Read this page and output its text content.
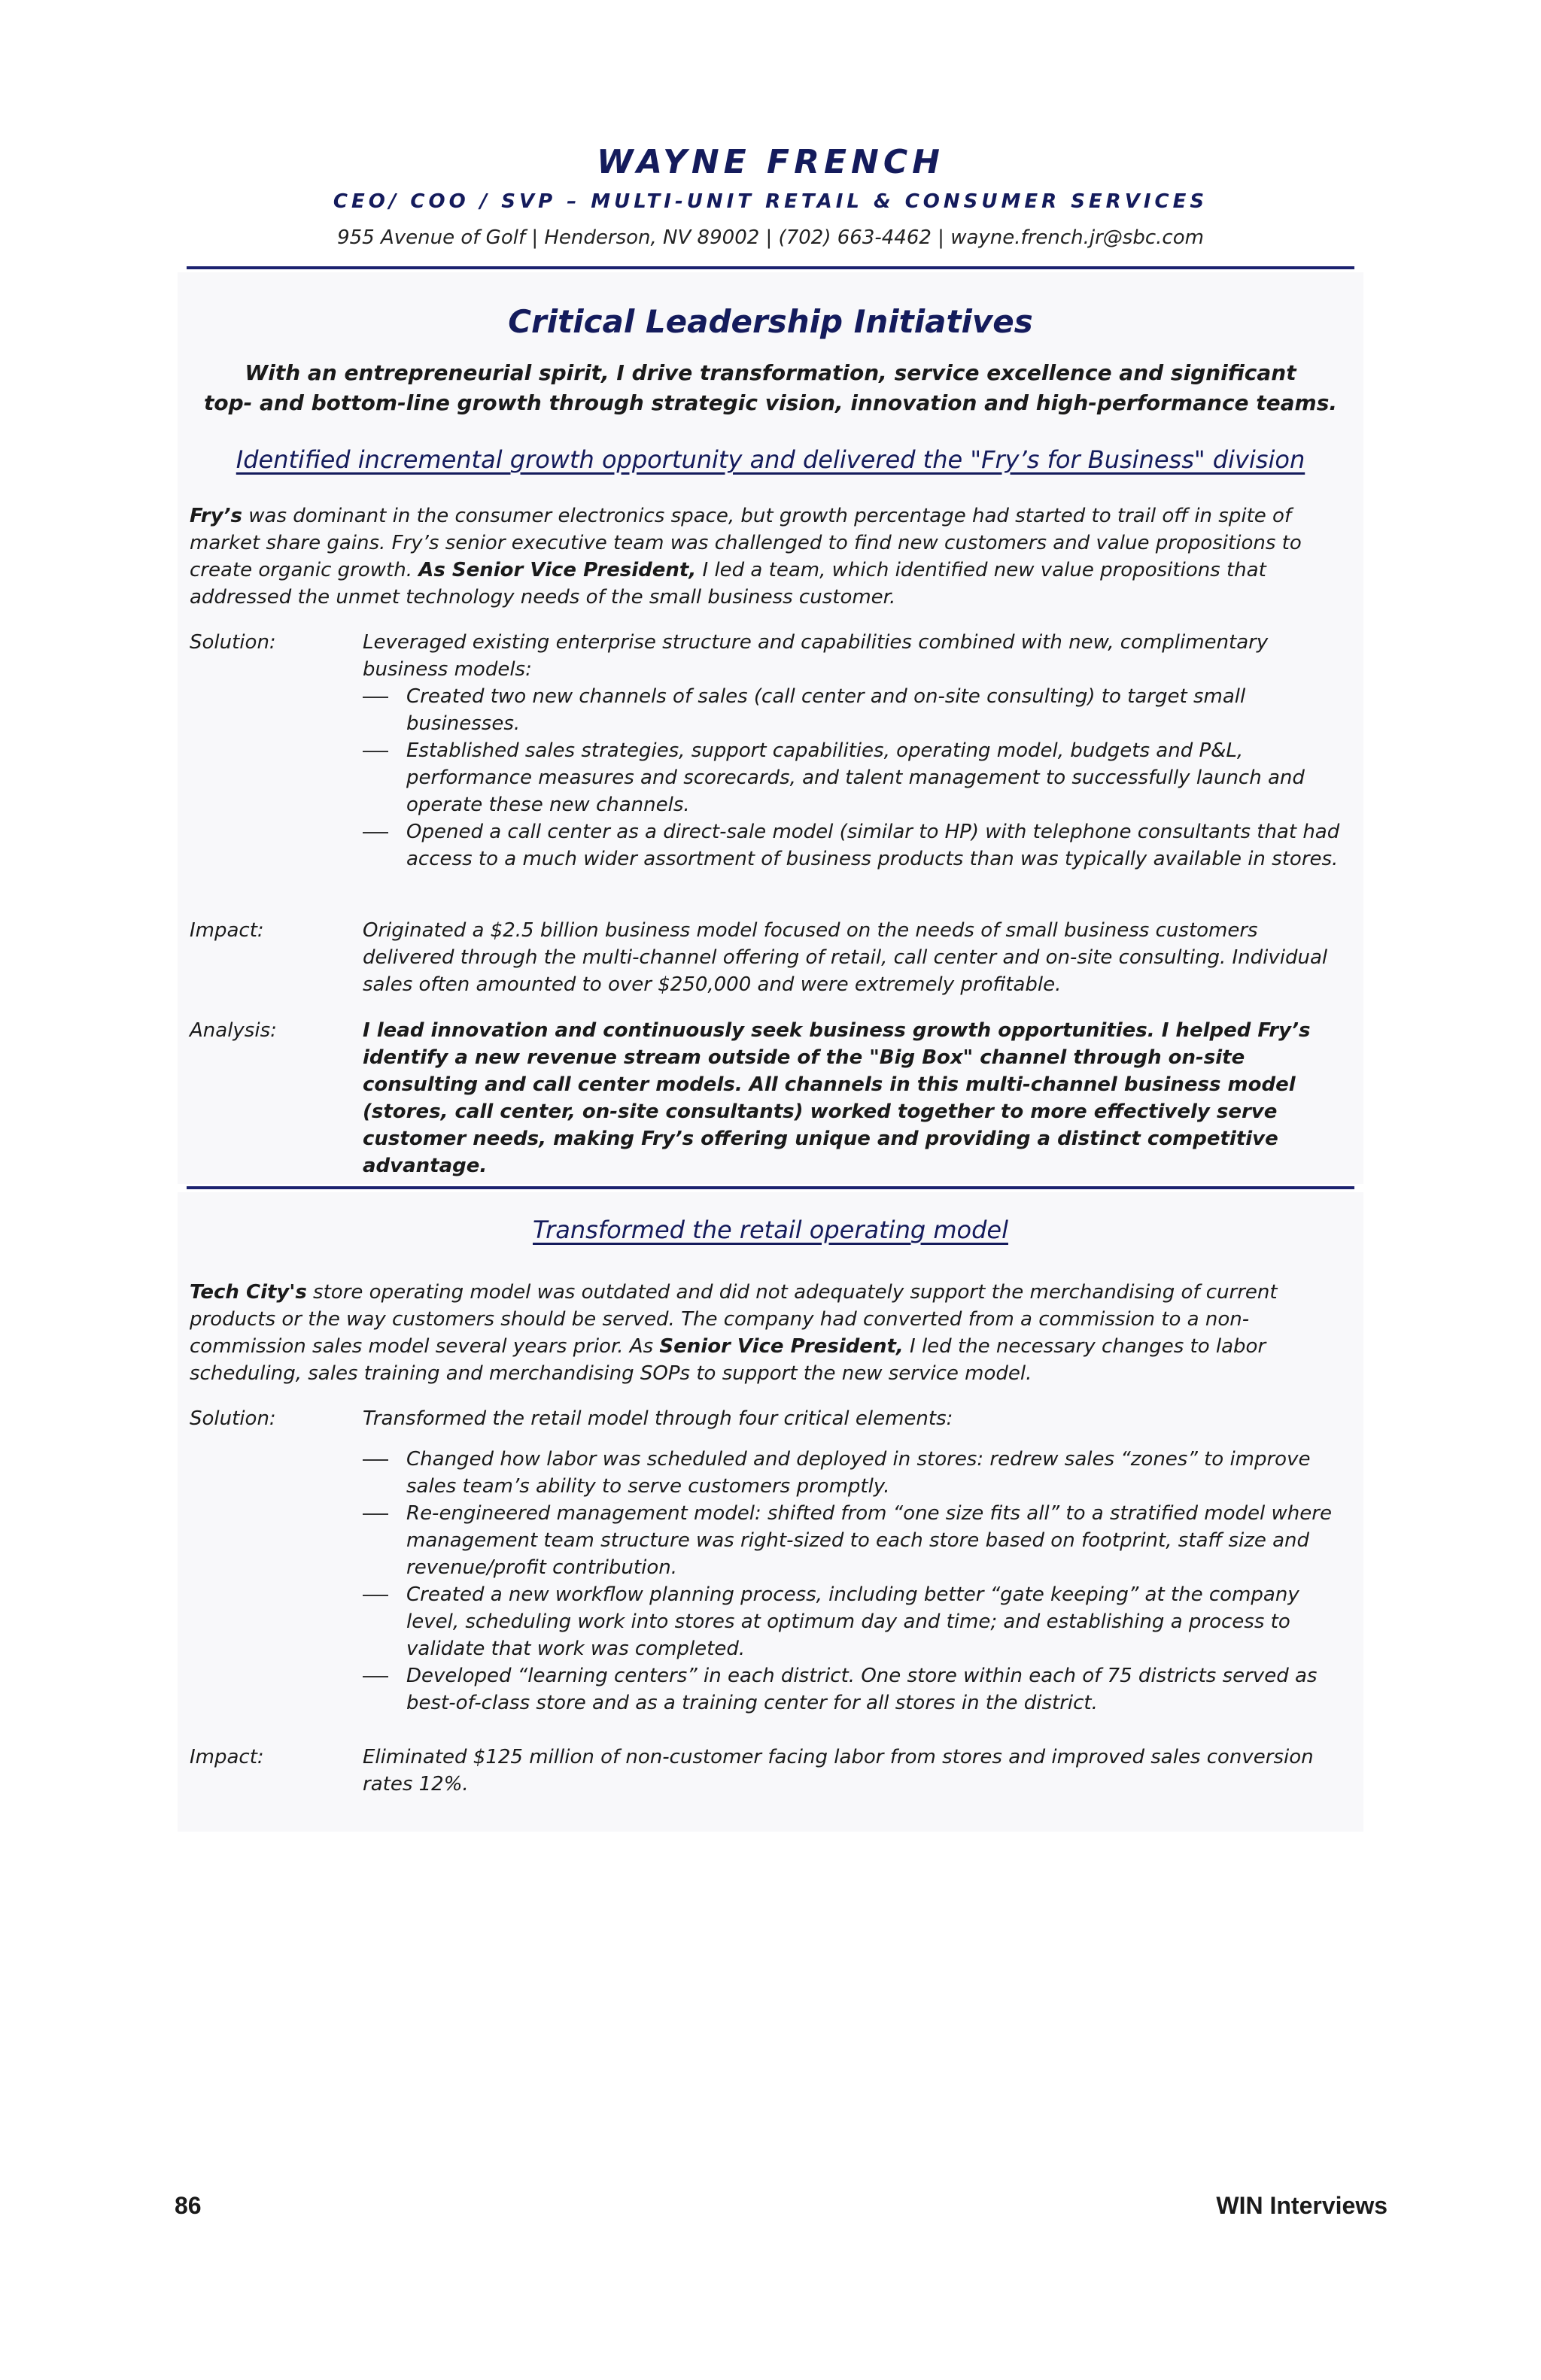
WAYNE FRENCH
CEO/ COO / SVP – MULTI-UNIT RETAIL & CONSUMER SERVICES
955 Avenue of Golf | Henderson, NV 89002 | (702) 663-4462 | wayne.french.jr@sbc.com
Critical Leadership Initiatives
With an entrepreneurial spirit, I drive transformation, service excellence and significant
top- and bottom-line growth through strategic vision, innovation and high-performance teams.
Identified incremental growth opportunity and delivered the "Fry’s for Business" division
Fry’s was dominant in the consumer electronics space, but growth percentage had started to trail off in spite of market share gains. Fry’s senior executive team was challenged to find new customers and value propositions to create organic growth. As Senior Vice President, I led a team, which identified new value propositions that addressed the unmet technology needs of the small business customer.
Solution:	Leveraged existing enterprise structure and capabilities combined with new, complimentary business models:
Created two new channels of sales (call center and on-site consulting) to target small businesses.
Established sales strategies, support capabilities, operating model, budgets and P&L, performance measures and scorecards, and talent management to successfully launch and operate these new channels.
Opened a call center as a direct-sale model (similar to HP) with telephone consultants that had access to a much wider assortment of business products than was typically available in stores.
Impact:	Originated a $2.5 billion business model focused on the needs of small business customers delivered through the multi-channel offering of retail, call center and on-site consulting. Individual sales often amounted to over $250,000 and were extremely profitable.
Analysis:	I lead innovation and continuously seek business growth opportunities. I helped Fry’s identify a new revenue stream outside of the "Big Box" channel through on-site consulting and call center models. All channels in this multi-channel business model (stores, call center, on-site consultants) worked together to more effectively serve customer needs, making Fry’s offering unique and providing a distinct competitive advantage.
Transformed the retail operating model
Tech City's store operating model was outdated and did not adequately support the merchandising of current products or the way customers should be served. The company had converted from a commission to a non-commission sales model several years prior. As Senior Vice President, I led the necessary changes to labor scheduling, sales training and merchandising SOPs to support the new service model.
Solution:	Transformed the retail model through four critical elements:
Changed how labor was scheduled and deployed in stores: redrew sales “zones” to improve sales team’s ability to serve customers promptly.
Re-engineered management model: shifted from “one size fits all” to a stratified model where management team structure was right-sized to each store based on footprint, staff size and revenue/profit contribution.
Created a new workflow planning process, including better “gate keeping” at the company level, scheduling work into stores at optimum day and time; and establishing a process to validate that work was completed.
Developed “learning centers” in each district. One store within each of 75 districts served as best-of-class store and as a training center for all stores in the district.
Impact:	Eliminated $125 million of non-customer facing labor from stores and improved sales conversion rates 12%.
86	WIN Interviews
